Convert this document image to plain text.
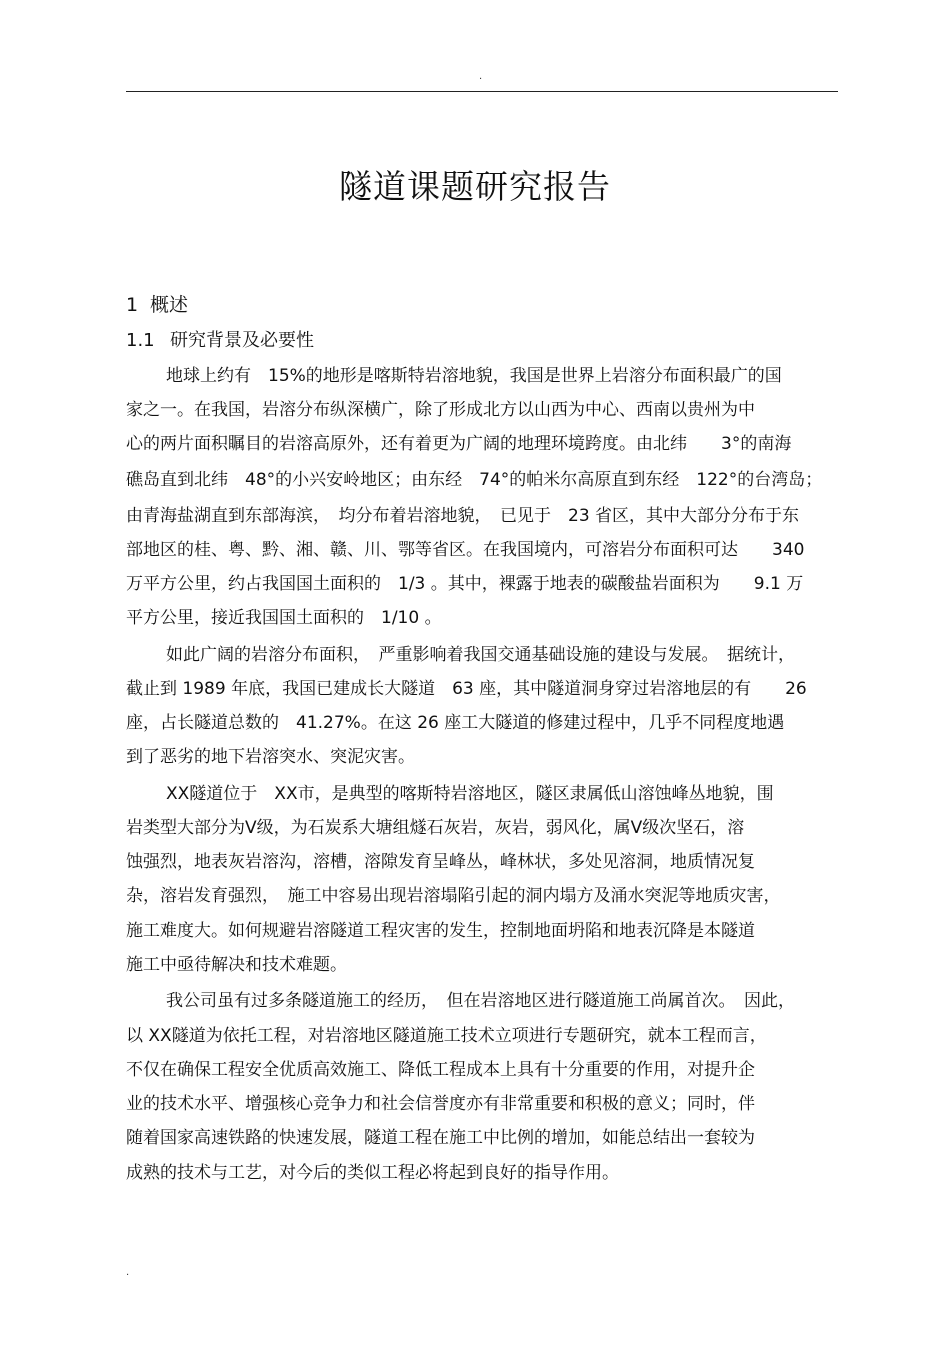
.
隧道课题研究报告
1 概述
1.1 研究背景及必要性
地球上约有　15%的地形是喀斯特岩溶地貌，我国是世界上岩溶分布面积最广的国
家之一。在我国，岩溶分布纵深横广，除了形成北方以山西为中心、西南以贵州为中
心的两片面积瞩目的岩溶高原外，还有着更为广阔的地理环境跨度。由北纬　　3°的南海
礁岛直到北纬　48°的小兴安岭地区；由东经　74°的帕米尔高原直到东经　122°的台湾岛；
由青海盐湖直到东部海滨，　均分布着岩溶地貌，　已见于　23 省区，其中大部分分布于东
部地区的桂、粤、黔、湘、赣、川、鄂等省区。在我国境内，可溶岩分布面积可达　　340
万平方公里，约占我国国土面积的　1/3 。其中，裸露于地表的碳酸盐岩面积为　　9.1 万
平方公里，接近我国国土面积的　1/10 。
如此广阔的岩溶分布面积，　严重影响着我国交通基础设施的建设与发展。　据统计，
截止到 1989 年底，我国已建成长大隧道　63 座，其中隧道洞身穿过岩溶地层的有　　26
座，占长隧道总数的　41.27%。在这 26 座工大隧道的修建过程中，几乎不同程度地遇
到了恶劣的地下岩溶突水、突泥灾害。
XX隧道位于　XX市，是典型的喀斯特岩溶地区，隧区隶属低山溶蚀峰丛地貌，围
岩类型大部分为Ⅴ级，为石炭系大塘组燧石灰岩，灰岩，弱风化，属Ⅴ级次坚石，溶
蚀强烈，地表灰岩溶沟，溶槽，溶隙发育呈峰丛，峰林状，多处见溶洞，地质情况复
杂，溶岩发育强烈，　施工中容易出现岩溶塌陷引起的洞内塌方及涌水突泥等地质灾害，
施工难度大。如何规避岩溶隧道工程灾害的发生，控制地面坍陷和地表沉降是本隧道
施工中亟待解决和技术难题。
我公司虽有过多条隧道施工的经历，　但在岩溶地区进行隧道施工尚属首次。　因此，
以 XX隧道为依托工程，对岩溶地区隧道施工技术立项进行专题研究，就本工程而言，
不仅在确保工程安全优质高效施工、降低工程成本上具有十分重要的作用，对提升企
业的技术水平、增强核心竞争力和社会信誉度亦有非常重要和积极的意义；同时，伴
随着国家高速铁路的快速发展，隧道工程在施工中比例的增加，如能总结出一套较为
成熟的技术与工艺，对今后的类似工程必将起到良好的指导作用。
.
